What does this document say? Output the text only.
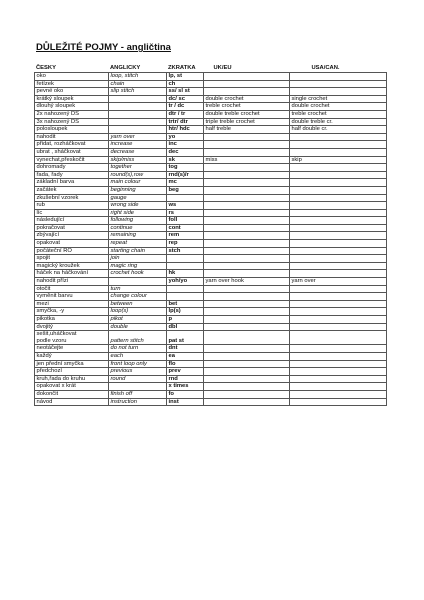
DŮLEŽITÉ POJMY - angličtina
ČESKY	ANGLICKY	ZKRATKA	UK/EU	USA/CAN.
oko	loop, stitch	lp, st		
řetízek	chain	ch		
pevné oko	slip stitch	ss/ sl st		
krátký sloupek		dc/ sc	double crochet	single crochet
dlouhý sloupek		tr / dc	treble crochet	double crochet
2x nahozený DS		dtr / tr	double treble crochet	treble crochet
3x nahozený DS		trtr/ dtr	triple treble crochet	double treble cr.
polosloupek		htr/ hdc	half treble	half double cr.
nahodit	yarn over	yo		
přidat, rozháčkovat	increase	inc		
ubrat , sháčkovat	decrease	dec		
vynechat,přeskočit	skip/miss	sk	miss	skip
dohromady	together	tog		
řada, řady	round(s),row	rnd(s)/r		
základní barva	main colour	mc		
začátek	beginning	beg		
zkušební vzorek	gauge			
rub	wrong side	ws		
líc	right side	rs		
následující	following	foll		
pokračovat	continue	cont		
zbývající	remaining	rem		
opakovat	repeat	rep		
počáteční ŘO	starting chain	stch		
spojit	join			
magický kroužek	magic ring			
háček na háčkování	crochet hook	hk		
nahodit přízi		yoh/yo	yarn over hook	yarn over
otočit	turn			
vyměnit barvu	change colour			
mezi	between	bet		
smyčka, -y	loop(s)	lp(s)		
pikotka	pikot	p		
dvojitý	double	dbl		

sešit,uháčkovat
podle vzoru	pattern stitch	pat st		
neotáčejte	do not turn	dnt		
každý	each	ea		
jen přední smyčka	front loop only	flo		
předchozí	previous	prev		
kruh,řada do kruhu	round	rnd		
opakovat x krát		x times		
dokončit	finish off	fo		
návod	instruction	inst		
